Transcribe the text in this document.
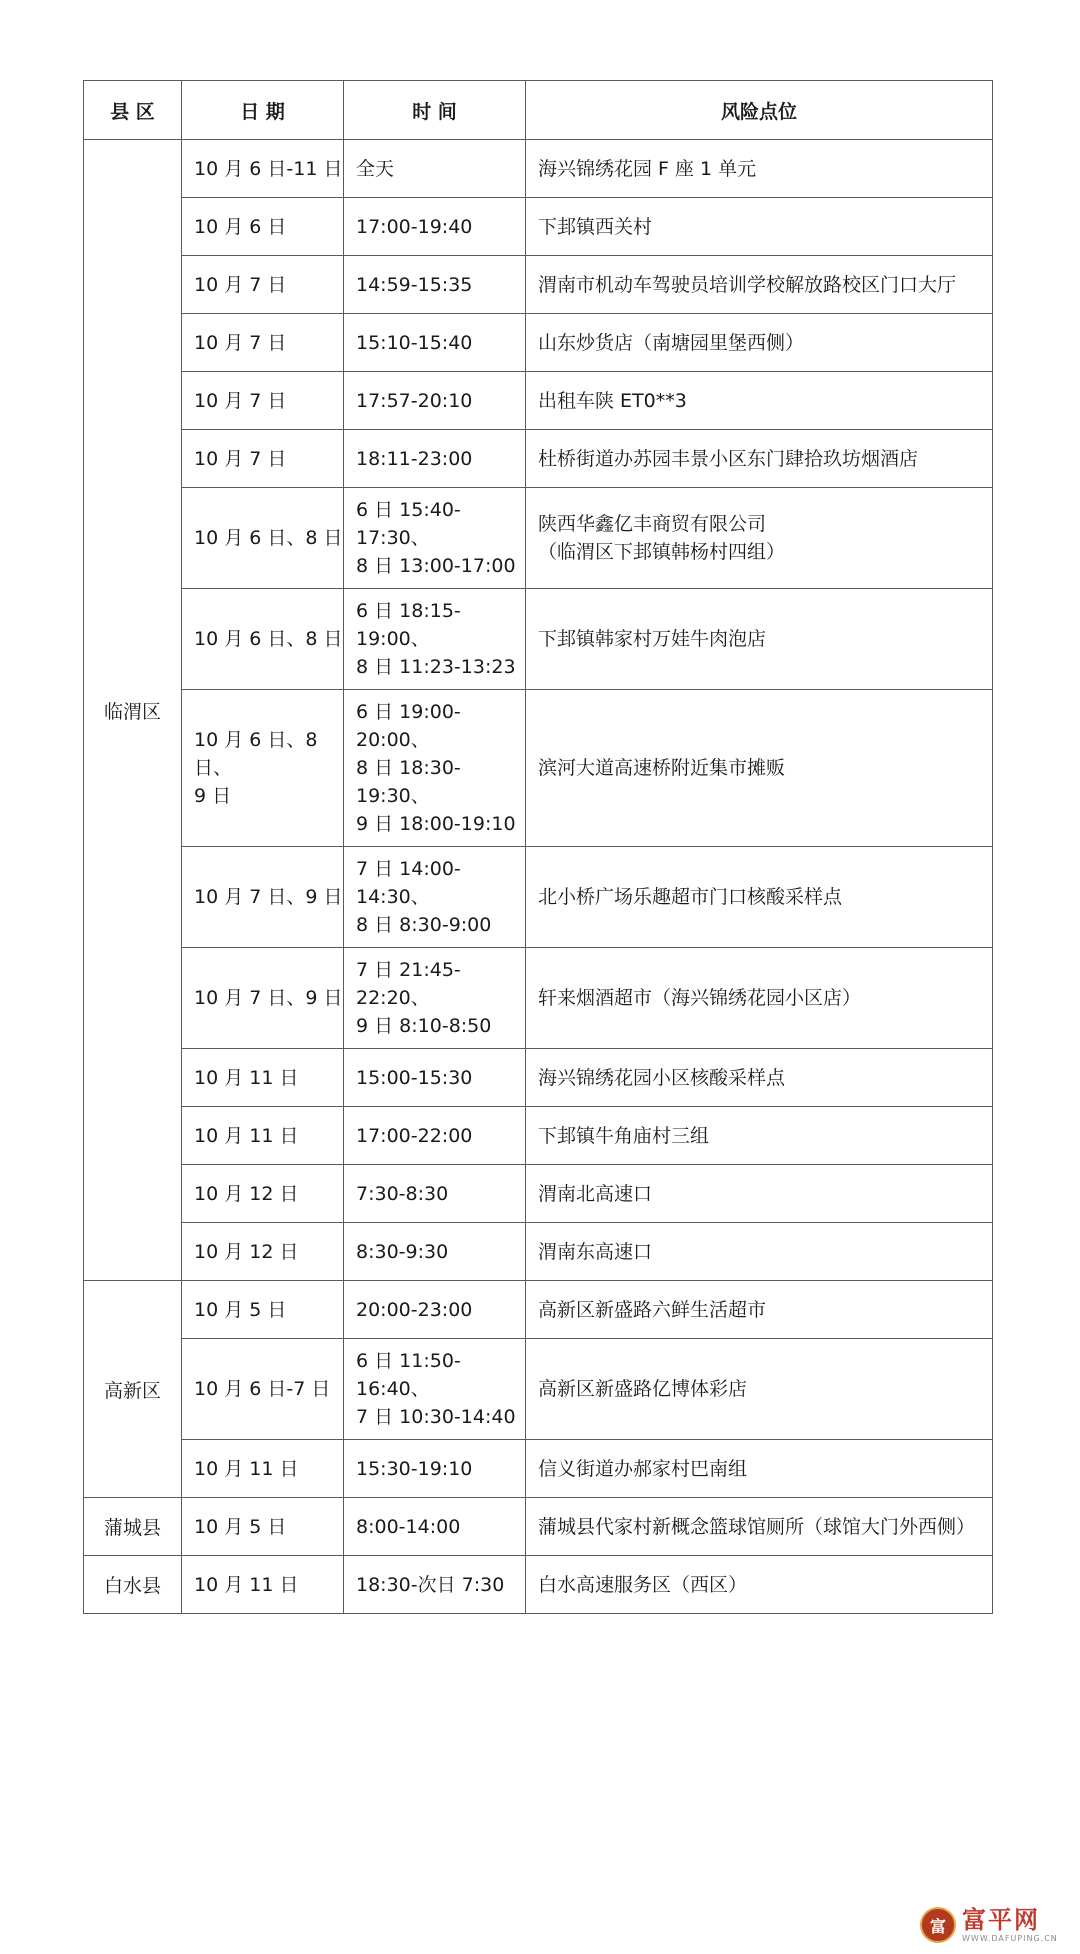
县 区	日 期	时 间	风险点位
临渭区	10 月 6 日-11 日	全天	海兴锦绣花园 F 座 1 单元

	10 月 6 日	17:00-19:40	下邽镇西关村

	10 月 7 日	14:59-15:35	渭南市机动车驾驶员培训学校解放路校区门口大厅

	10 月 7 日	15:10-15:40	山东炒货店（南塘园里堡西侧）

	10 月 7 日	17:57-20:10	出租车陕 ET0**3

	10 月 7 日	18:11-23:00	杜桥街道办苏园丰景小区东门肆拾玖坊烟酒店

	10 月 6 日、8 日	6 日 15:40-17:30、
8 日 13:00-17:00	陕西华鑫亿丰商贸有限公司
（临渭区下邽镇韩杨村四组）

	10 月 6 日、8 日	6 日 18:15-19:00、
8 日 11:23-13:23	下邽镇韩家村万娃牛肉泡店

	10 月 6 日、8 日、
9 日	6 日 19:00-20:00、
8 日 18:30-19:30、
9 日 18:00-19:10	滨河大道高速桥附近集市摊贩

	10 月 7 日、9 日	7 日 14:00-14:30、
8 日 8:30-9:00	北小桥广场乐趣超市门口核酸采样点

	10 月 7 日、9 日	7 日 21:45-22:20、
9 日 8:10-8:50	轩来烟酒超市（海兴锦绣花园小区店）

	10 月 11 日	15:00-15:30	海兴锦绣花园小区核酸采样点

	10 月 11 日	17:00-22:00	下邽镇牛角庙村三组

	10 月 12 日	7:30-8:30	渭南北高速口

	10 月 12 日	8:30-9:30	渭南东高速口

高新区	10 月 5 日	20:00-23:00	高新区新盛路六鲜生活超市

	10 月 6 日-7 日	6 日 11:50-16:40、
7 日 10:30-14:40	高新区新盛路亿博体彩店

	10 月 11 日	15:30-19:10	信义街道办郝家村巴南组

蒲城县	10 月 5 日	8:00-14:00	蒲城县代家村新概念篮球馆厕所（球馆大门外西侧）

白水县	10 月 11 日	18:30-次日 7:30	白水高速服务区（西区）
富 富平网
WWW.DAFUPING.CN
